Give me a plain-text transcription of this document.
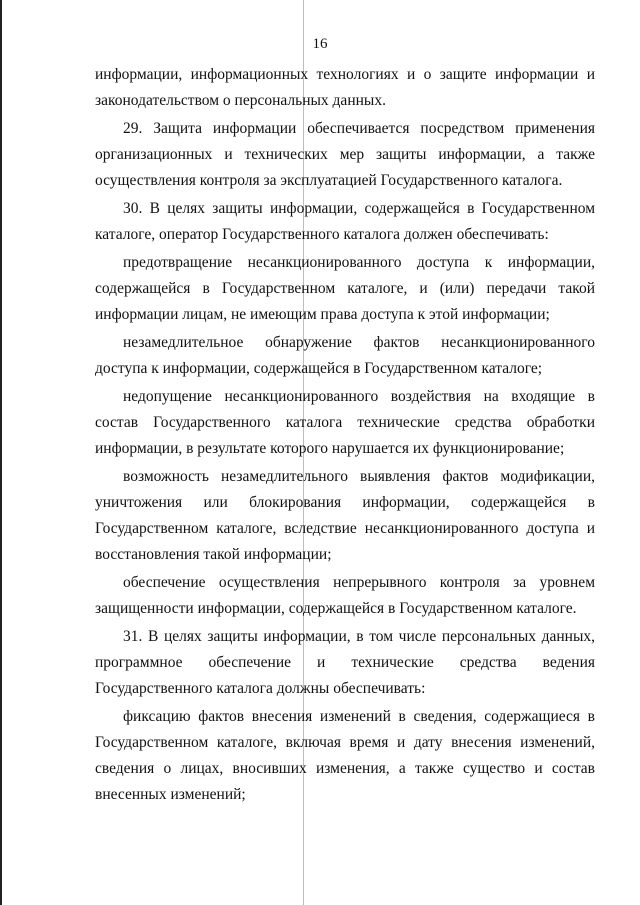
16

информации, информационных технологиях и о защите информации и законодательством о персональных данных.

29. Защита информации обеспечивается посредством применения организационных и технических мер защиты информации, а также осуществления контроля за эксплуатацией Государственного каталога.

30. В целях защиты информации, содержащейся в Государственном каталоге, оператор Государственного каталога должен обеспечивать:

предотвращение несанкционированного доступа к информации, содержащейся в Государственном каталоге, и (или) передачи такой информации лицам, не имеющим права доступа к этой информации;

незамедлительное обнаружение фактов несанкционированного доступа к информации, содержащейся в Государственном каталоге;

недопущение несанкционированного воздействия на входящие в состав Государственного каталога технические средства обработки информации, в результате которого нарушается их функционирование;

возможность незамедлительного выявления фактов модификации, уничтожения или блокирования информации, содержащейся в Государственном каталоге, вследствие несанкционированного доступа и восстановления такой информации;

обеспечение осуществления непрерывного контроля за уровнем защищенности информации, содержащейся в Государственном каталоге.

31. В целях защиты информации, в том числе персональных данных, программное обеспечение и технические средства ведения Государственного каталога должны обеспечивать:

фиксацию фактов внесения изменений в сведения, содержащиеся в Государственном каталоге, включая время и дату внесения изменений, сведения о лицах, вносивших изменения, а также существо и состав внесенных изменений;
